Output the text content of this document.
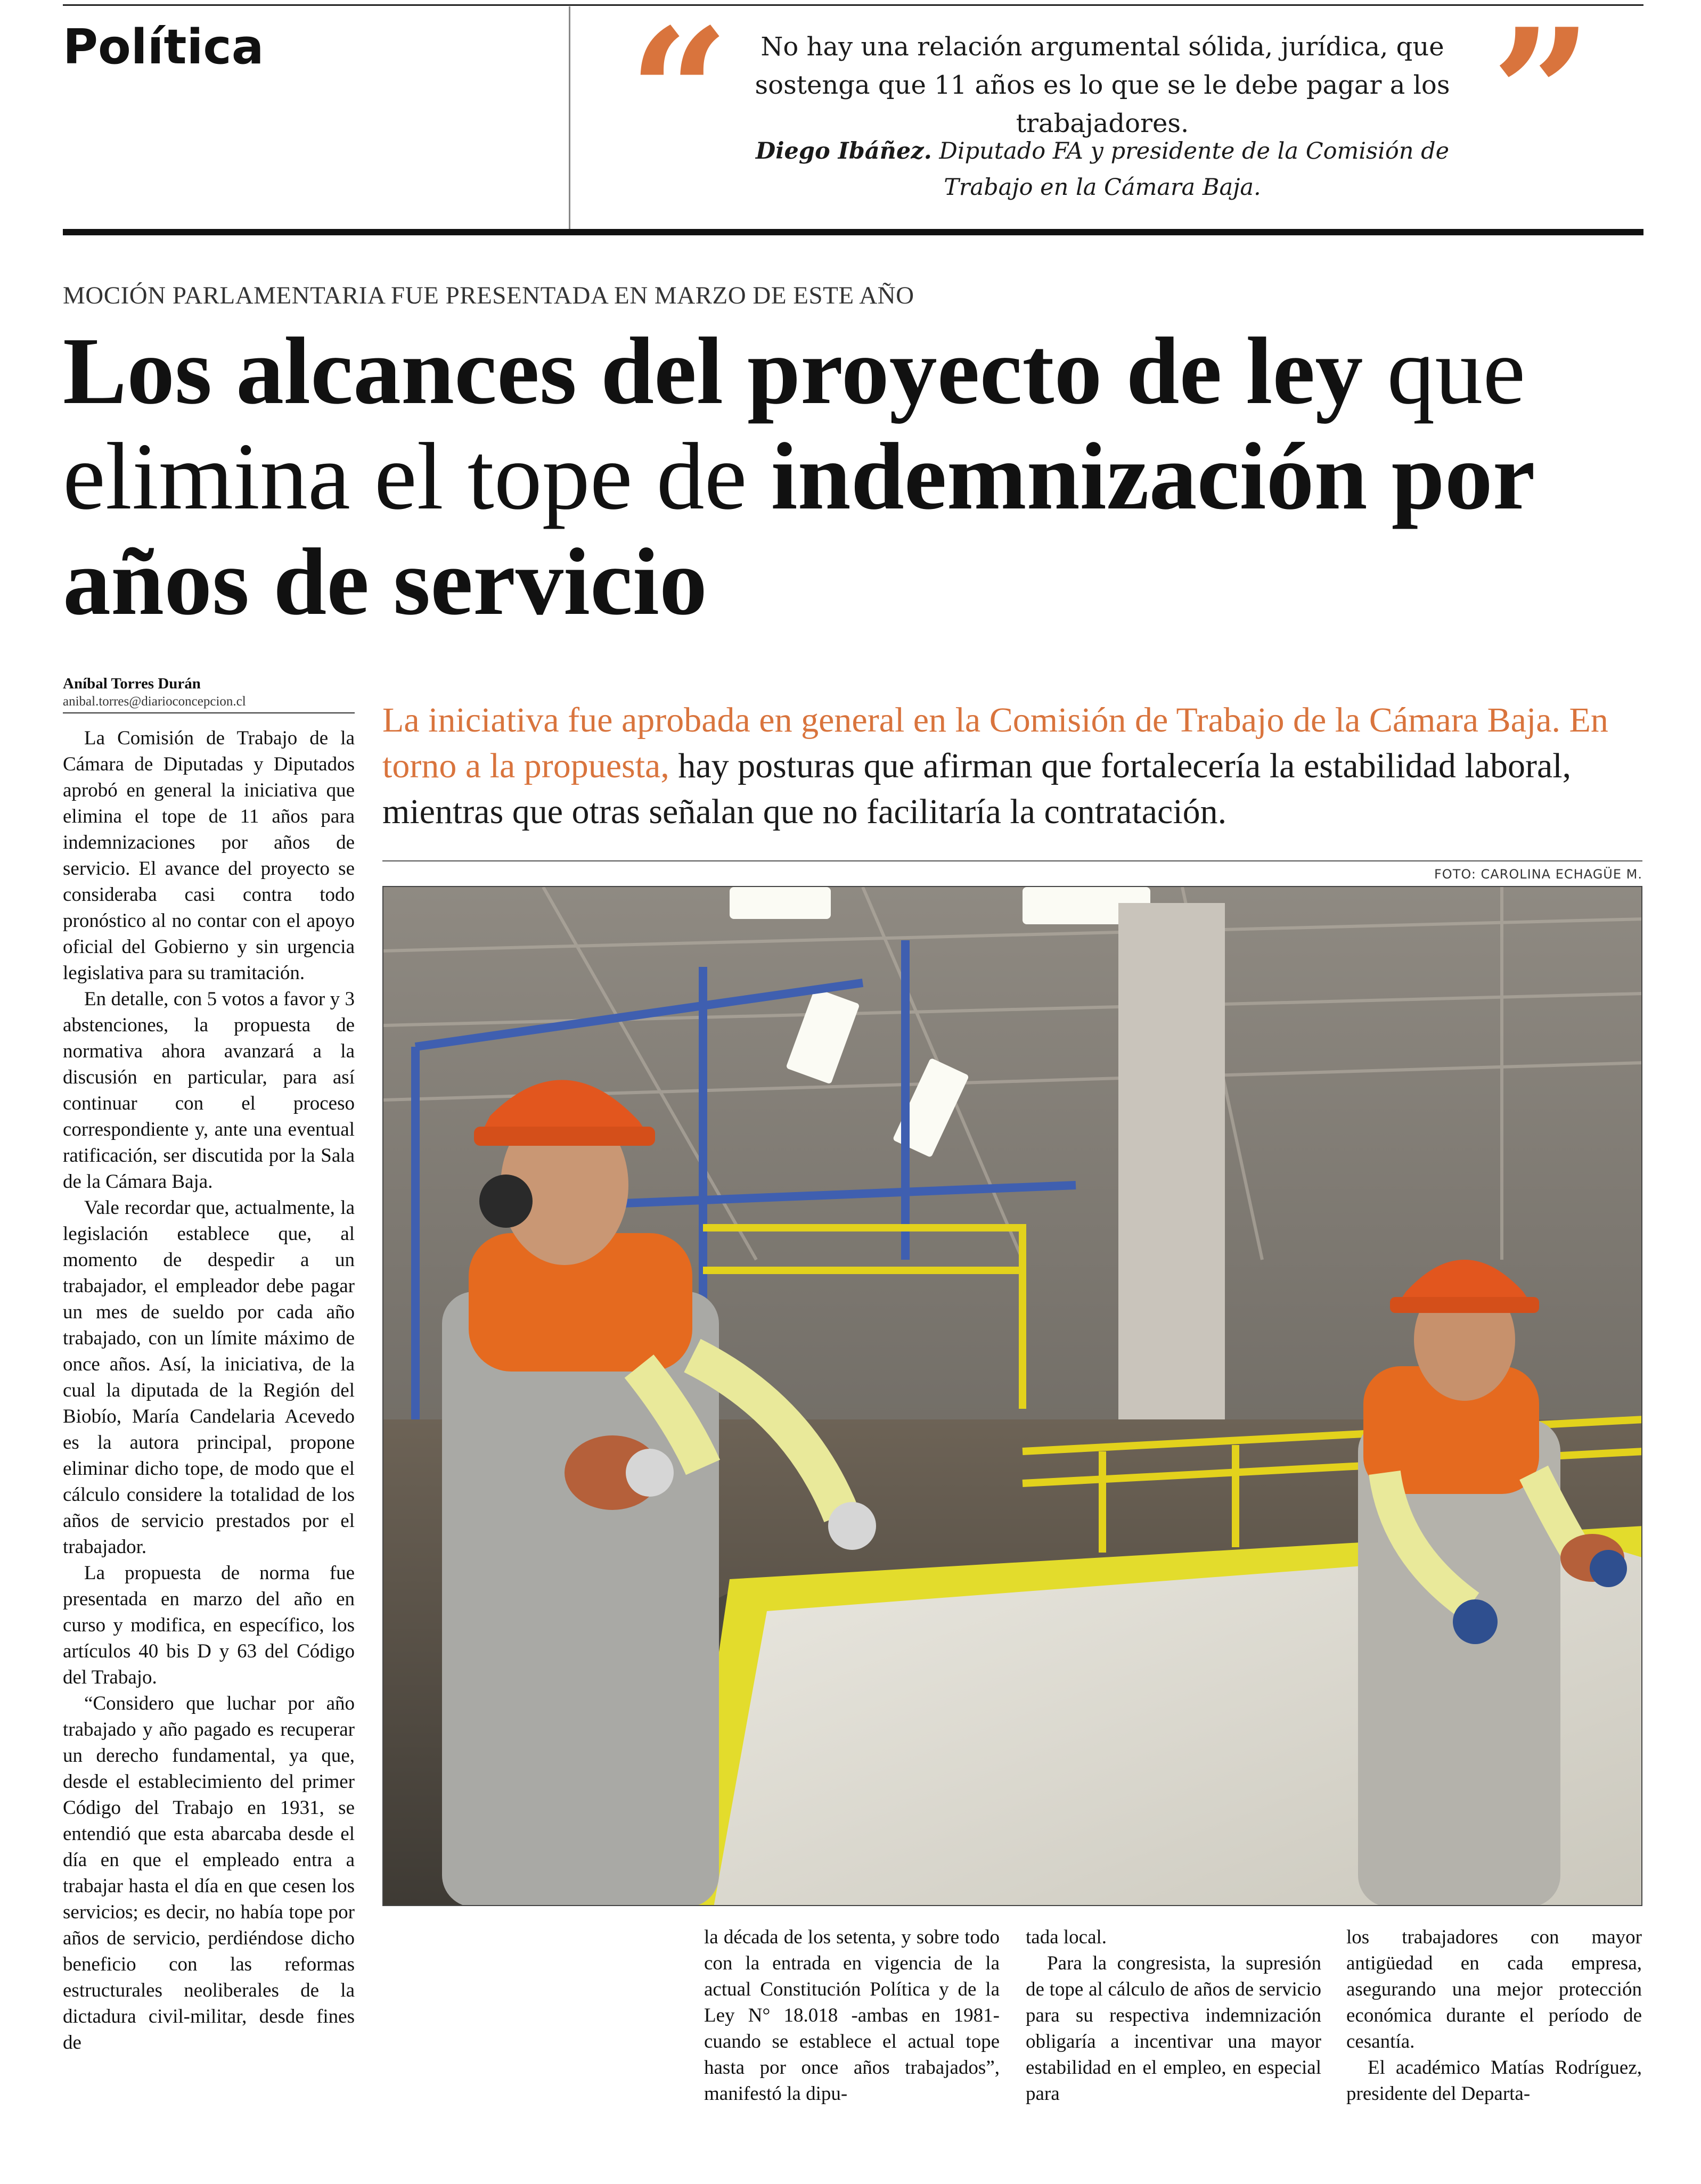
Política “	No hay una relación argumental sólida, jurídica, que sostenga que 11 años es lo que se le debe pagar a los trabajadores.	”
Diego Ibáñez. Diputado FA y presidente de la Comisión de Trabajo en la Cámara Baja.
MOCIÓN PARLAMENTARIA FUE PRESENTADA EN MARZO DE ESTE AÑO
Los alcances del proyecto de ley que elimina el tope de indemnización por años de servicio
Aníbal Torres Durán
anibal.torres@diarioconcepcion.cl	La iniciativa fue aprobada en general en la Comisión de Trabajo de la Cámara Baja. En torno a la propuesta, hay posturas que afirman que fortalecería la estabilidad laboral, mientras que otras señalan que no facilitaría la contratación.
FOTO: CAROLINA ECHAGÜE M.

La Comisión de Trabajo de la Cámara de Diputadas y Diputados aprobó en general la iniciativa que elimina el tope de 11 años para indemnizaciones por años de servicio. El avance del proyecto se consideraba casi contra todo pronóstico al no contar con el apoyo oficial del Gobierno y sin urgencia legislativa para su tramitación.

En detalle, con 5 votos a favor y 3 abstenciones, la propuesta de normativa ahora avanzará a la discusión en particular, para así continuar con el proceso correspondiente y, ante una eventual ratificación, ser discutida por la Sala de la Cámara Baja.

Vale recordar que, actualmente, la legislación establece que, al momento de despedir a un trabajador, el empleador debe pagar un mes de sueldo por cada año trabajado, con un límite máximo de once años. Así, la iniciativa, de la cual la diputada de la Región del Biobío, María Candelaria Acevedo es la autora principal, propone eliminar dicho tope, de modo que el cálculo considere la totalidad de los años de servicio prestados por el trabajador.

La propuesta de norma fue presentada en marzo del año en curso y modifica, en específico, los artículos 40 bis D y 63 del Código del Trabajo.

“Considero que luchar por año trabajado y año pagado es recuperar un derecho fundamental, ya que, desde el establecimiento del primer Código del Trabajo en 1931, se entendió que esta abarcaba desde el día en que el empleado entra a trabajar hasta el día en que cesen los servicios; es decir, no había tope por años de servicio, perdiéndose dicho beneficio con las reformas estructurales neoliberales de la dictadura civil-militar, desde fines de

la década de los setenta, y sobre todo con la entrada en vigencia de la actual Constitución Política y de la Ley N° 18.018 -ambas en 1981- cuando se establece el actual tope hasta por once años trabajados”, manifestó la dipu-

tada local.

Para la congresista, la supresión de tope al cálculo de años de servicio para su respectiva indemnización obligaría a incentivar una mayor estabilidad en el empleo, en especial para

los trabajadores con mayor antigüedad en cada empresa, asegurando una mejor protección económica durante el período de cesantía.

El académico Matías Rodríguez, presidente del Departa-
